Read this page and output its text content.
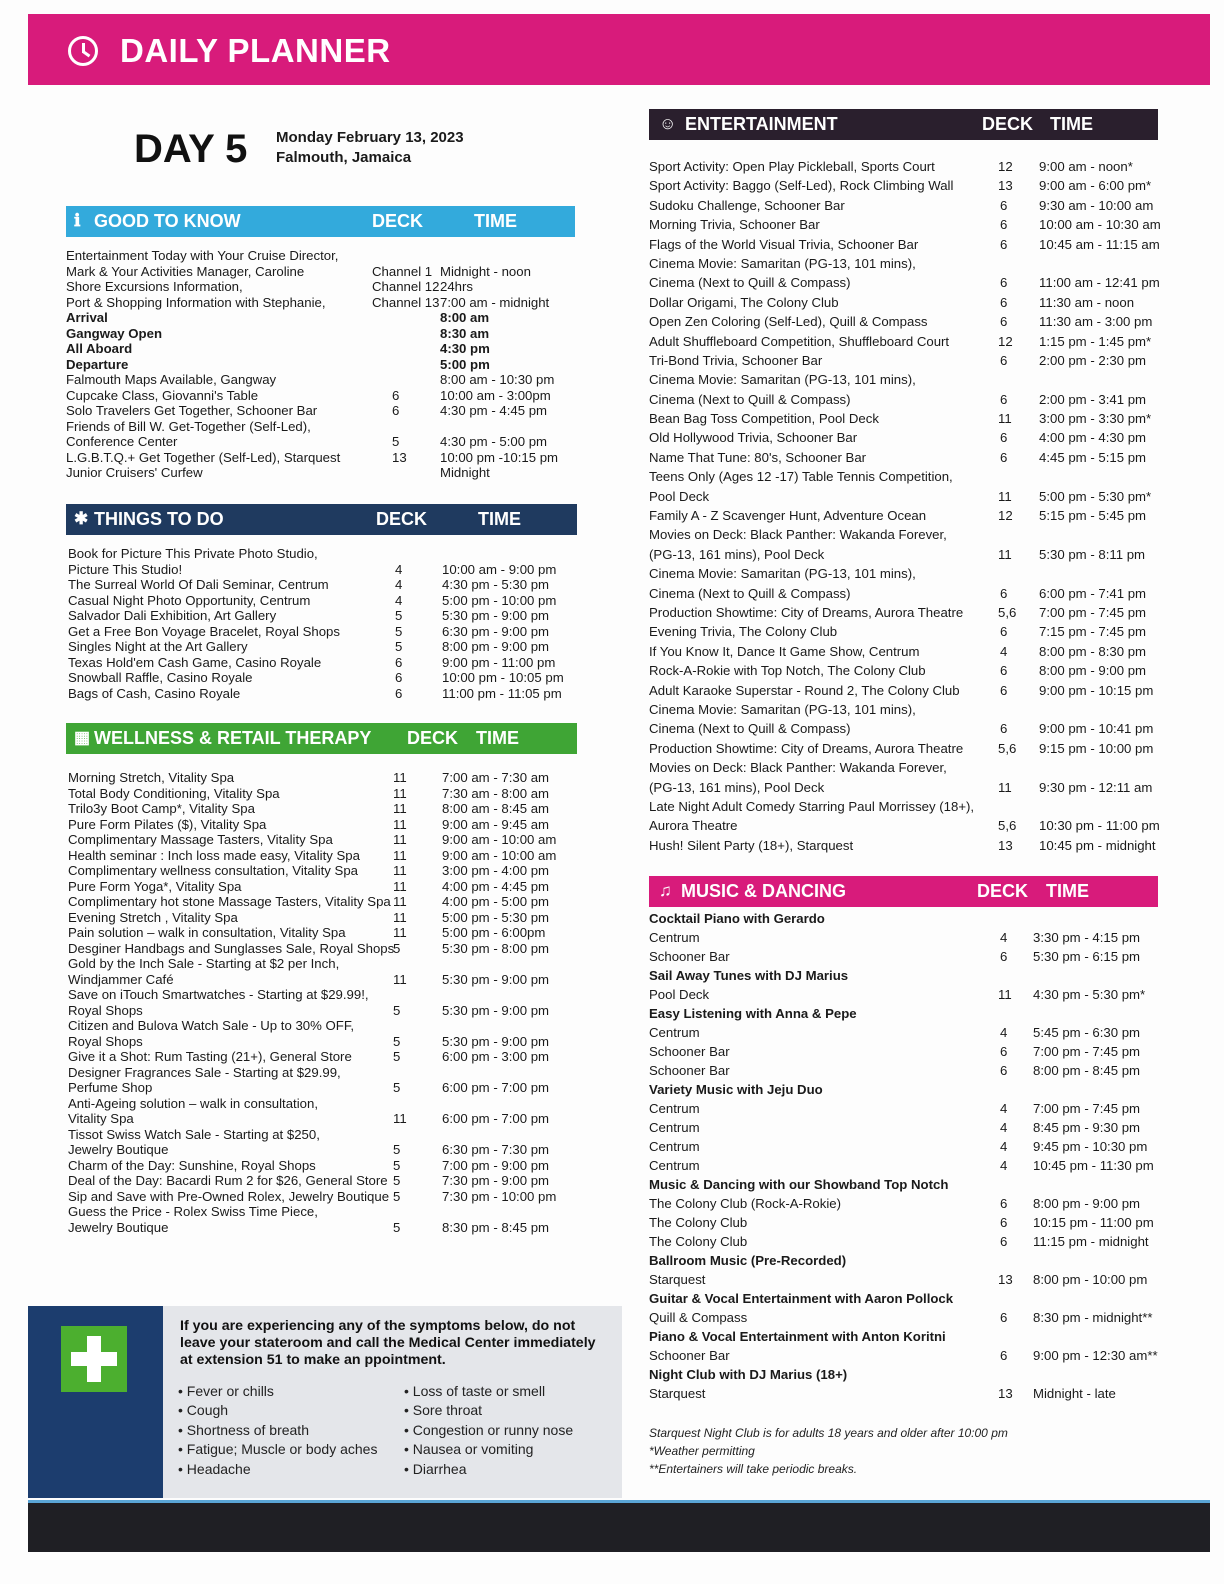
DAILY PLANNER
DAY 5 Monday February 13, 2023
Falmouth, Jamaica
ℹ GOOD TO KNOW	DECK	TIME
Entertainment Today with Your Cruise Director,
Mark & Your Activities Manager, Caroline	Channel 1 Midnight - noon
Shore Excursions Information,	Channel 12 24hrs
Port & Shopping Information with Stephanie,	Channel 13 7:00 am - midnight
Arrival	8:00 am
Gangway Open	8:30 am
All Aboard	4:30 pm
Departure	5:00 pm
Falmouth Maps Available, Gangway	8:00 am - 10:30 pm
Cupcake Class, Giovanni's Table	6	10:00 am - 3:00pm
Solo Travelers Get Together, Schooner Bar	6	4:30 pm - 4:45 pm
Friends of Bill W. Get-Together (Self-Led),
Conference Center	5	4:30 pm - 5:00 pm
L.G.B.T.Q.+ Get Together (Self-Led), Starquest	13	10:00 pm -10:15 pm
Junior Cruisers' Curfew	Midnight
✱ THINGS TO DO	DECK	TIME
Book for Picture This Private Photo Studio,
Picture This Studio!	4	10:00 am - 9:00 pm
The Surreal World Of Dali Seminar, Centrum	4	4:30 pm - 5:30 pm
Casual Night Photo Opportunity, Centrum	4	5:00 pm - 10:00 pm
Salvador Dali Exhibition, Art Gallery	5	5:30 pm - 9:00 pm
Get a Free Bon Voyage Bracelet, Royal Shops	5	6:30 pm - 9:00 pm
Singles Night at the Art Gallery	5	8:00 pm - 9:00 pm
Texas Hold'em Cash Game, Casino Royale	6	9:00 pm - 11:00 pm
Snowball Raffle, Casino Royale	6	10:00 pm - 10:05 pm
Bags of Cash, Casino Royale	6	11:00 pm - 11:05 pm
▦ WELLNESS & RETAIL THERAPY DECK TIME
Morning Stretch, Vitality Spa	11	7:00 am - 7:30 am
Total Body Conditioning, Vitality Spa	11	7:30 am - 8:00 am
Trilo3y Boot Camp*, Vitality Spa	11	8:00 am - 8:45 am
Pure Form Pilates ($), Vitality Spa	11	9:00 am - 9:45 am
Complimentary Massage Tasters, Vitality Spa	11	9:00 am - 10:00 am
Health seminar : Inch loss made easy, Vitality Spa	11	9:00 am - 10:00 am
Complimentary wellness consultation, Vitality Spa	11	3:00 pm - 4:00 pm
Pure Form Yoga*, Vitality Spa	11	4:00 pm - 4:45 pm
Complimentary hot stone Massage Tasters, Vitality Spa 11	4:00 pm - 5:00 pm
Evening Stretch , Vitality Spa	11	5:00 pm - 5:30 pm
Pain solution – walk in consultation, Vitality Spa	11	5:00 pm - 6:00pm
Desginer Handbags and Sunglasses Sale, Royal Shops
5	5:30 pm - 8:00 pm
Gold by the Inch Sale - Starting at $2 per Inch,
Windjammer Café	11	5:30 pm - 9:00 pm
Save on iTouch Smartwatches - Starting at $29.99!,
Royal Shops	5	5:30 pm - 9:00 pm
Citizen and Bulova Watch Sale - Up to 30% OFF,
Royal Shops	5	5:30 pm - 9:00 pm
Give it a Shot: Rum Tasting (21+), General Store	5	6:00 pm - 3:00 pm
Designer Fragrances Sale - Starting at $29.99,
Perfume Shop	5	6:00 pm - 7:00 pm
Anti-Ageing solution – walk in consultation,
Vitality Spa	11	6:00 pm - 7:00 pm
Tissot Swiss Watch Sale - Starting at $250,
Jewelry Boutique	5	6:30 pm - 7:30 pm
Charm of the Day: Sunshine, Royal Shops	5	7:00 pm - 9:00 pm
Deal of the Day: Bacardi Rum 2 for $26, General Store 5	7:30 pm - 9:00 pm
Sip and Save with Pre-Owned Rolex, Jewelry Boutique 5	7:30 pm - 10:00 pm
Guess the Price - Rolex Swiss Time Piece,
Jewelry Boutique	5	8:30 pm - 8:45 pm
If you are experiencing any of the symptoms below, do not leave your stateroom and call the Medical Center immediately at extension 51 to make an ppointment.
• Fever or chills
• Cough
• Shortness of breath
• Fatigue; Muscle or body aches
• Headache
• Loss of taste or smell
• Sore throat
• Congestion or runny nose
• Nausea or vomiting
• Diarrhea
☺ ENTERTAINMENT	DECK TIME
Sport Activity: Open Play Pickleball, Sports Court	12 9:00 am - noon*
Sport Activity: Baggo (Self-Led), Rock Climbing Wall	13 9:00 am - 6:00 pm*
Sudoku Challenge, Schooner Bar	6 9:30 am - 10:00 am
Morning Trivia, Schooner Bar	6 10:00 am - 10:30 am
Flags of the World Visual Trivia, Schooner Bar	6 10:45 am - 11:15 am
Cinema Movie: Samaritan (PG-13, 101 mins),
Cinema (Next to Quill & Compass)	6 11:00 am - 12:41 pm
Dollar Origami, The Colony Club	6 11:30 am - noon
Open Zen Coloring (Self-Led), Quill & Compass	6 11:30 am - 3:00 pm
Adult Shuffleboard Competition, Shuffleboard Court	12 1:15 pm - 1:45 pm*
Tri-Bond Trivia, Schooner Bar	6 2:00 pm - 2:30 pm
Cinema Movie: Samaritan (PG-13, 101 mins),
Cinema (Next to Quill & Compass)	6 2:00 pm - 3:41 pm
Bean Bag Toss Competition, Pool Deck	11 3:00 pm - 3:30 pm*
Old Hollywood Trivia, Schooner Bar	6 4:00 pm - 4:30 pm
Name That Tune: 80's, Schooner Bar	6 4:45 pm - 5:15 pm
Teens Only (Ages 12 -17) Table Tennis Competition,
Pool Deck	11 5:00 pm - 5:30 pm*
Family A - Z Scavenger Hunt, Adventure Ocean	12 5:15 pm - 5:45 pm
Movies on Deck: Black Panther: Wakanda Forever,
(PG-13, 161 mins), Pool Deck	11 5:30 pm - 8:11 pm
Cinema Movie: Samaritan (PG-13, 101 mins),
Cinema (Next to Quill & Compass)	6 6:00 pm - 7:41 pm
Production Showtime: City of Dreams, Aurora Theatre	5,6 7:00 pm - 7:45 pm
Evening Trivia, The Colony Club	6 7:15 pm - 7:45 pm
If You Know It, Dance It Game Show, Centrum	4 8:00 pm - 8:30 pm
Rock-A-Rokie with Top Notch, The Colony Club	6 8:00 pm - 9:00 pm
Adult Karaoke Superstar - Round 2, The Colony Club	6 9:00 pm - 10:15 pm
Cinema Movie: Samaritan (PG-13, 101 mins),
Cinema (Next to Quill & Compass)	6 9:00 pm - 10:41 pm
Production Showtime: City of Dreams, Aurora Theatre	5,6 9:15 pm - 10:00 pm
Movies on Deck: Black Panther: Wakanda Forever,
(PG-13, 161 mins), Pool Deck	11 9:30 pm - 12:11 am
Late Night Adult Comedy Starring Paul Morrissey (18+),
Aurora Theatre	5,6 10:30 pm - 11:00 pm
Hush! Silent Party (18+), Starquest	13 10:45 pm - midnight
♫ MUSIC & DANCING	DECK TIME
Cocktail Piano with Gerardo
Centrum	4 3:30 pm - 4:15 pm
Schooner Bar	6 5:30 pm - 6:15 pm
Sail Away Tunes with DJ Marius
Pool Deck	11 4:30 pm - 5:30 pm*
Easy Listening with Anna & Pepe
Centrum	4 5:45 pm - 6:30 pm
Schooner Bar	6 7:00 pm - 7:45 pm
Schooner Bar	6 8:00 pm - 8:45 pm
Variety Music with Jeju Duo
Centrum	4 7:00 pm - 7:45 pm
Centrum	4 8:45 pm - 9:30 pm
Centrum	4 9:45 pm - 10:30 pm
Centrum	4 10:45 pm - 11:30 pm
Music & Dancing with our Showband Top Notch
The Colony Club (Rock-A-Rokie)	6 8:00 pm - 9:00 pm
The Colony Club	6 10:15 pm - 11:00 pm
The Colony Club	6 11:15 pm - midnight
Ballroom Music (Pre-Recorded)
Starquest	13 8:00 pm - 10:00 pm
Guitar & Vocal Entertainment with Aaron Pollock
Quill & Compass	6 8:30 pm - midnight**
Piano & Vocal Entertainment with Anton Koritni
Schooner Bar	6 9:00 pm - 12:30 am**
Night Club with DJ Marius (18+)
Starquest	13 Midnight - late
Starquest Night Club is for adults 18 years and older after 10:00 pm
*Weather permitting
**Entertainers will take periodic breaks.
